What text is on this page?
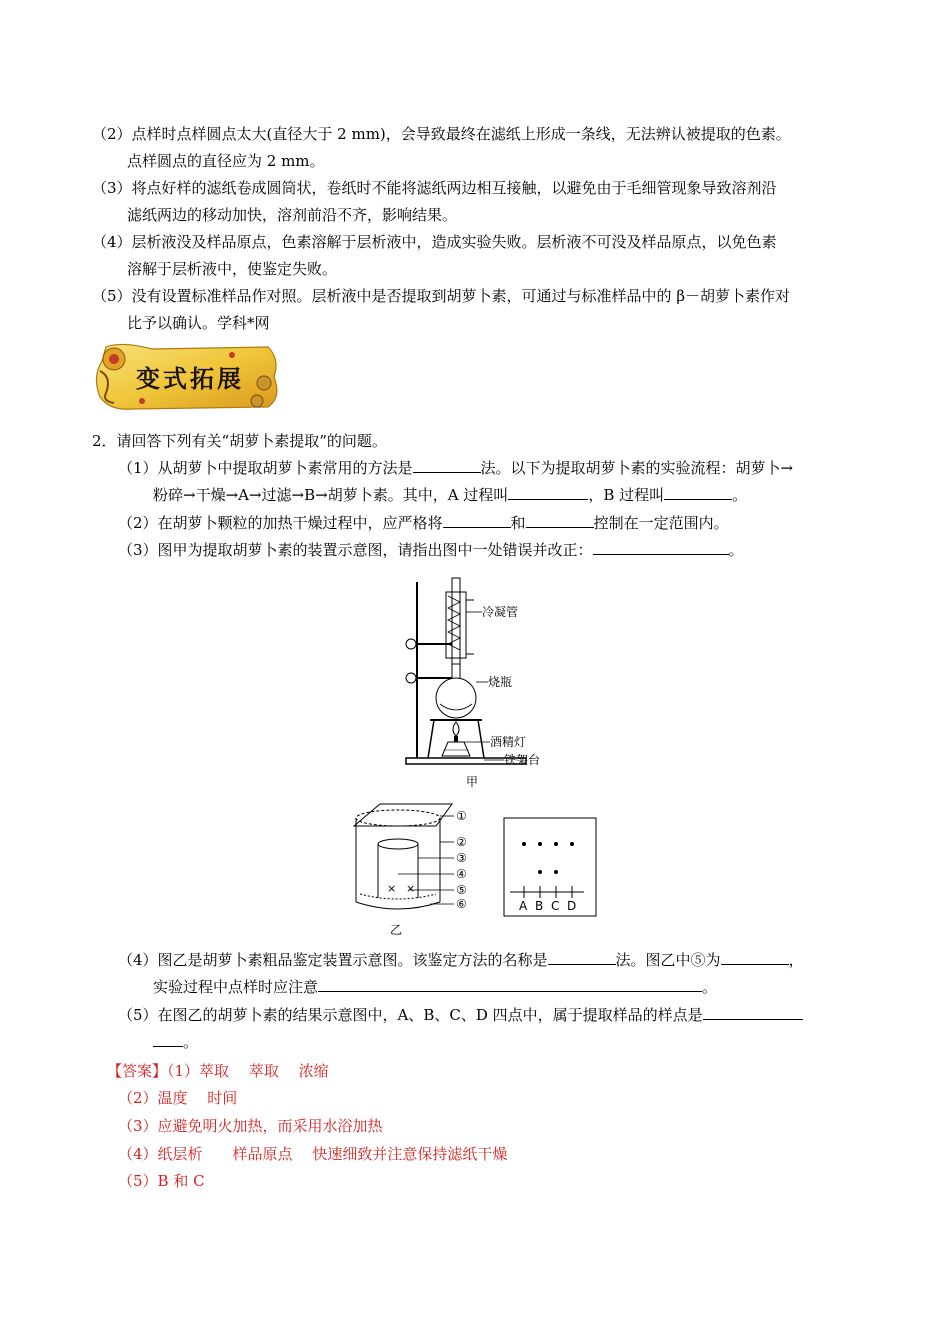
（2）点样时点样圆点太大(直径大于 2 mm)，会导致最终在滤纸上形成一条线，无法辨认被提取的色素。
点样圆点的直径应为 2 mm。
（3）将点好样的滤纸卷成圆筒状，卷纸时不能将滤纸两边相互接触，以避免由于毛细管现象导致溶剂沿
滤纸两边的移动加快，溶剂前沿不齐，影响结果。
（4）层析液没及样品原点，色素溶解于层析液中，造成实验失败。层析液不可没及样品原点，以免色素
溶解于层析液中，使鉴定失败。
（5）没有设置标准样品作对照。层析液中是否提取到胡萝卜素，可通过与标准样品中的 β－胡萝卜素作对
比予以确认。学科*网
变式拓展
2．请回答下列有关“胡萝卜素提取”的问题。
（1）从胡萝卜中提取胡萝卜素常用的方法是	法。以下为提取胡萝卜素的实验流程：胡萝卜→
粉碎→干燥→A→过滤→B→胡萝卜素。其中，A 过程叫	，B 过程叫	。
（2）在胡萝卜颗粒的加热干燥过程中，应严格将	和	控制在一定范围内。
（3）图甲为提取胡萝卜素的装置示意图，请指出图中一处错误并改正：	。
冷凝管
烧瓶
酒精灯
铁架台
甲
× ×
①
②
③
④
⑤
⑥
乙
A B C D
（4）图乙是胡萝卜素粗品鉴定装置示意图。该鉴定方法的名称是	法。图乙中⑤为	，
实验过程中点样时应注意	。
（5）在图乙的胡萝卜素的结果示意图中，A、B、C、D 四点中，属于提取样品的样点是
。
【答案】（1）萃取　 萃取　 浓缩
（2）温度　 时间
（3）应避免明火加热，而采用水浴加热
（4）纸层析　　样品原点　 快速细致并注意保持滤纸干燥
（5）B 和 C
